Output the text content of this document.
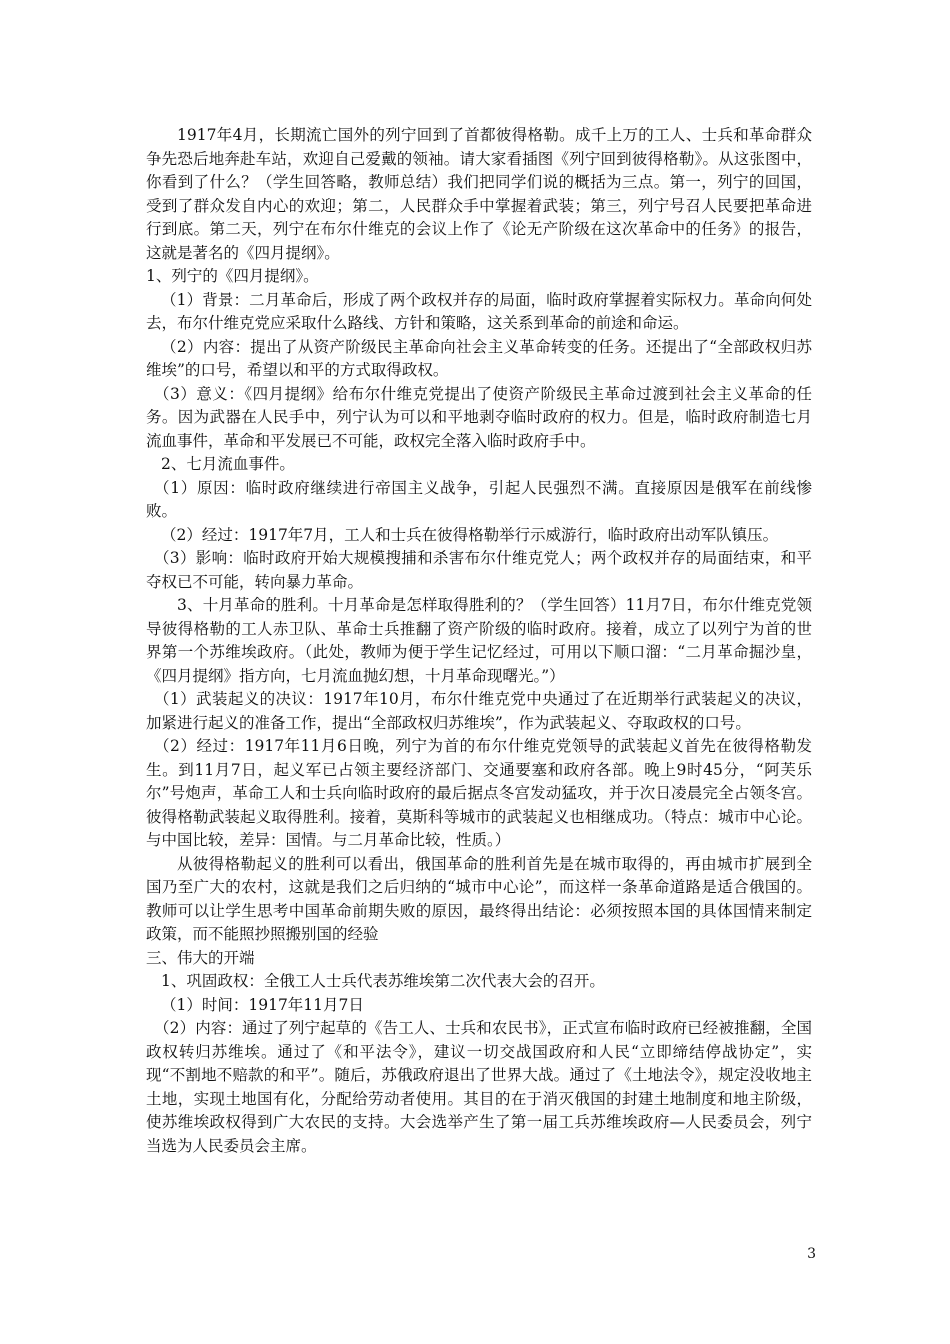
1917年4月，长期流亡国外的列宁回到了首都彼得格勒。成千上万的工人、士兵和革命群众争先恐后地奔赴车站，欢迎自己爱戴的领袖。请大家看插图《列宁回到彼得格勒》。从这张图中，你看到了什么？（学生回答略，教师总结）我们把同学们说的概括为三点。第一，列宁的回国，受到了群众发自内心的欢迎；第二，人民群众手中掌握着武装；第三，列宁号召人民要把革命进行到底。第二天，列宁在布尔什维克的会议上作了《论无产阶级在这次革命中的任务》的报告，这就是著名的《四月提纲》。

1、列宁的《四月提纲》。

（1）背景：二月革命后，形成了两个政权并存的局面，临时政府掌握着实际权力。革命向何处去，布尔什维克党应采取什么路线、方针和策略，这关系到革命的前途和命运。

（2）内容：提出了从资产阶级民主革命向社会主义革命转变的任务。还提出了“全部政权归苏维埃”的口号，希望以和平的方式取得政权。

（3）意义：《四月提纲》给布尔什维克党提出了使资产阶级民主革命过渡到社会主义革命的任务。因为武器在人民手中，列宁认为可以和平地剥夺临时政府的权力。但是，临时政府制造七月流血事件，革命和平发展已不可能，政权完全落入临时政府手中。

2、七月流血事件。

（1）原因：临时政府继续进行帝国主义战争，引起人民强烈不满。直接原因是俄军在前线惨败。

（2）经过：1917年7月，工人和士兵在彼得格勒举行示威游行，临时政府出动军队镇压。

（3）影响：临时政府开始大规模搜捕和杀害布尔什维克党人；两个政权并存的局面结束，和平夺权已不可能，转向暴力革命。

3、十月革命的胜利。十月革命是怎样取得胜利的？（学生回答）11月7日，布尔什维克党领导彼得格勒的工人赤卫队、革命士兵推翻了资产阶级的临时政府。接着，成立了以列宁为首的世界第一个苏维埃政府。（此处，教师为便于学生记忆经过，可用以下顺口溜：“二月革命掘沙皇，《四月提纲》指方向，七月流血抛幻想，十月革命现曙光。”）

（1）武装起义的决议：1917年10月，布尔什维克党中央通过了在近期举行武装起义的决议，加紧进行起义的准备工作，提出“全部政权归苏维埃”，作为武装起义、夺取政权的口号。

（2）经过：1917年11月6日晚，列宁为首的布尔什维克党领导的武装起义首先在彼得格勒发生。到11月7日，起义军已占领主要经济部门、交通要塞和政府各部。晚上9时45分，“阿芙乐尔”号炮声，革命工人和士兵向临时政府的最后据点冬宫发动猛攻，并于次日凌晨完全占领冬宫。彼得格勒武装起义取得胜利。接着，莫斯科等城市的武装起义也相继成功。（特点：城市中心论。与中国比较，差异：国情。与二月革命比较，性质。）

从彼得格勒起义的胜利可以看出，俄国革命的胜利首先是在城市取得的，再由城市扩展到全国乃至广大的农村，这就是我们之后归纳的“城市中心论”，而这样一条革命道路是适合俄国的。教师可以让学生思考中国革命前期失败的原因，最终得出结论：必须按照本国的具体国情来制定政策，而不能照抄照搬别国的经验

三、伟大的开端

1、巩固政权：全俄工人士兵代表苏维埃第二次代表大会的召开。

（1）时间：1917年11月7日

（2）内容：通过了列宁起草的《告工人、士兵和农民书》，正式宣布临时政府已经被推翻，全国政权转归苏维埃。通过了《和平法令》，建议一切交战国政府和人民“立即缔结停战协定”，实现“不割地不赔款的和平”。随后，苏俄政府退出了世界大战。通过了《土地法令》，规定没收地主土地，实现土地国有化，分配给劳动者使用。其目的在于消灭俄国的封建土地制度和地主阶级，使苏维埃政权得到广大农民的支持。大会选举产生了第一届工兵苏维埃政府—人民委员会，列宁当选为人民委员会主席。

3
